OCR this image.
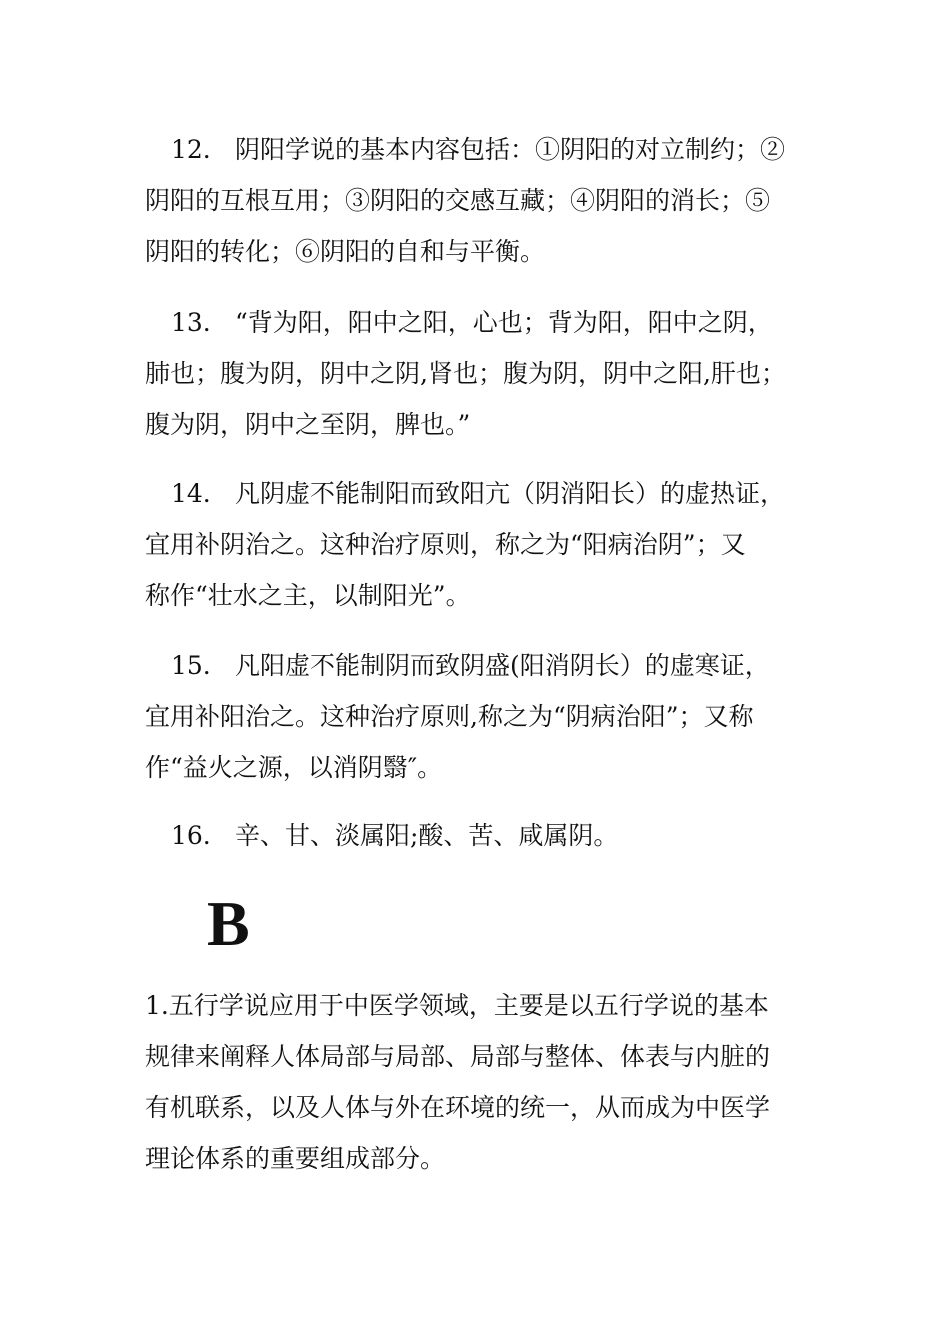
12. 阴阳学说的基本内容包括：①阴阳的对立制约；②
阴阳的互根互用；③阴阳的交感互藏；④阴阳的消长；⑤
阴阳的转化；⑥阴阳的自和与平衡。

13. “背为阳，阳中之阳，心也；背为阳，阳中之阴，
肺也；腹为阴，阴中之阴,肾也；腹为阴，阴中之阳,肝也；
腹为阴，阴中之至阴，脾也。”

14. 凡阴虚不能制阳而致阳亢（阴消阳长）的虚热证，
宜用补阴治之。这种治疗原则，称之为“阳病治阴”；又
称作“壮水之主，以制阳光”。

15. 凡阳虚不能制阴而致阴盛(阳消阴长）的虚寒证，
宜用补阳治之。这种治疗原则,称之为“阴病治阳”；又称
作“益火之源，以消阴翳″。

16. 辛、甘、淡属阳;酸、苦、咸属阴。

B

1.五行学说应用于中医学领域，主要是以五行学说的基本
规律来阐释人体局部与局部、局部与整体、体表与内脏的
有机联系，以及人体与外在环境的统一，从而成为中医学
理论体系的重要组成部分。
